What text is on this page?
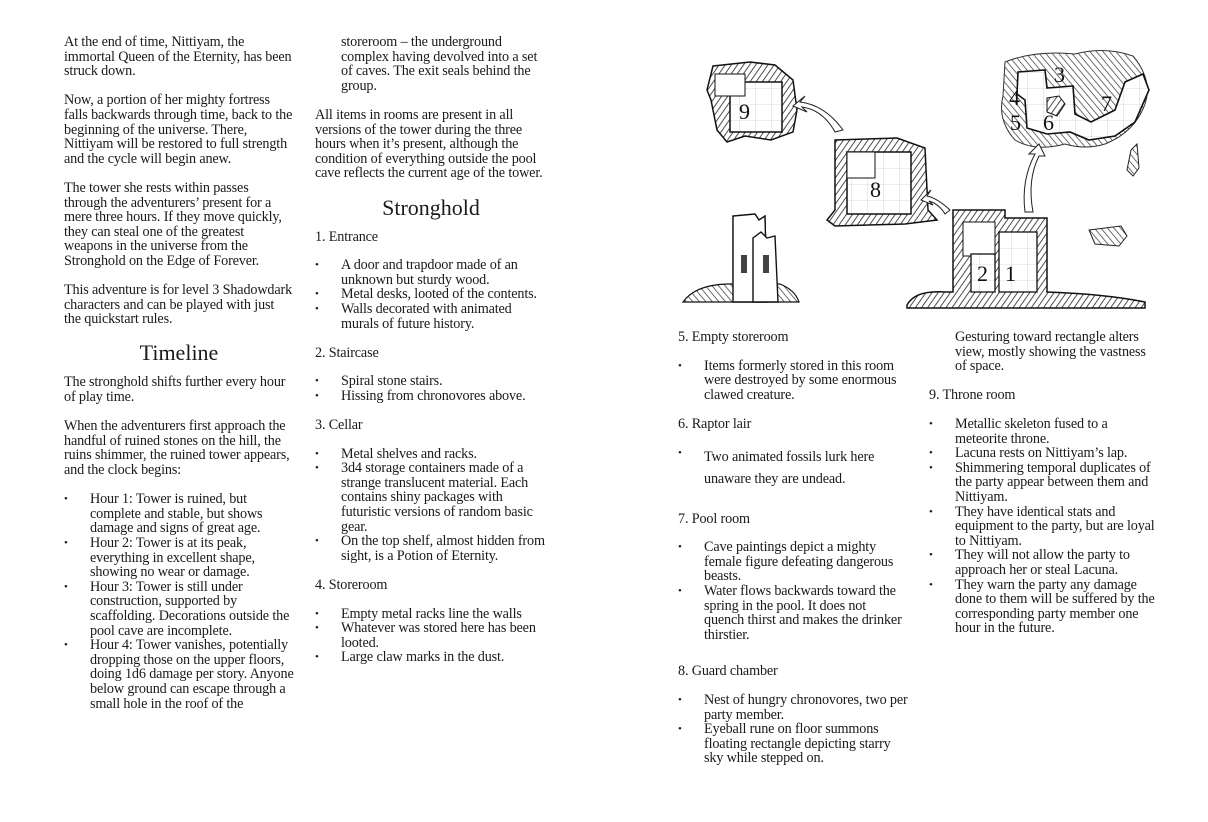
At the end of time, Nittiyam, the immortal Queen of the Eternity, has been struck down.

Now, a portion of her mighty fortress falls backwards through time, back to the beginning of the universe. There, Nittiyam will be restored to full strength and the cycle will begin anew.

The tower she rests within passes through the adventurers’ present for a mere three hours. If they move quickly, they can steal one of the greatest weapons in the universe from the Stronghold on the Edge of Forever.

This adventure is for level 3 Shadowdark characters and can be played with just the quickstart rules.

Timeline

The stronghold shifts further every hour of play time.

When the adventurers first approach the handful of ruined stones on the hill, the ruins shimmer, the ruined tower appears, and the clock begins:

• Hour 1: Tower is ruined, but complete and stable, but shows damage and signs of great age.
• Hour 2: Tower is at its peak, everything in excellent shape, showing no wear or damage.
• Hour 3: Tower is still under construction, supported by scaffolding. Decorations outside the pool cave are incomplete.
• Hour 4: Tower vanishes, potentially dropping those on the upper floors, doing 1d6 damage per story. Anyone below ground can escape through a small hole in the roof of the
storeroom – the underground complex having devolved into a set of caves. The exit seals behind the group.

All items in rooms are present in all versions of the tower during the three hours when it’s present, although the condition of everything outside the pool cave reflects the current age of the tower.

Stronghold
1. Entrance
• A door and trapdoor made of an unknown but sturdy wood.
• Metal desks, looted of the contents.
• Walls decorated with animated murals of future history.
2. Staircase
• Spiral stone stairs.
• Hissing from chronovores above.
3. Cellar
• Metal shelves and racks.
• 3d4 storage containers made of a strange translucent material. Each contains shiny packages with futuristic versions of random basic gear.
• On the top shelf, almost hidden from sight, is a Potion of Eternity.
4. Storeroom
• Empty metal racks line the walls
• Whatever was stored here has been looted.
• Large claw marks in the dust.
9
8
4
3
5 6
7
2 1
5. Empty storeroom
• Items formerly stored in this room were destroyed by some enormous clawed creature.
6. Raptor lair
• Two animated fossils lurk here unaware they are undead.
7. Pool room
• Cave paintings depict a mighty female figure defeating dangerous beasts.
• Water flows backwards toward the spring in the pool. It does not quench thirst and makes the drinker thirstier.
8. Guard chamber
• Nest of hungry chronovores, two per party member.
• Eyeball rune on floor summons floating rectangle depicting starry sky while stepped on.
Gesturing toward rectangle alters view, mostly showing the vastness of space.
9. Throne room
• Metallic skeleton fused to a meteorite throne.
• Lacuna rests on Nittiyam’s lap.
• Shimmering temporal duplicates of the party appear between them and Nittiyam.
• They have identical stats and equipment to the party, but are loyal to Nittiyam.
• They will not allow the party to approach her or steal Lacuna.
• They warn the party any damage done to them will be suffered by the corresponding party member one hour in the future.
